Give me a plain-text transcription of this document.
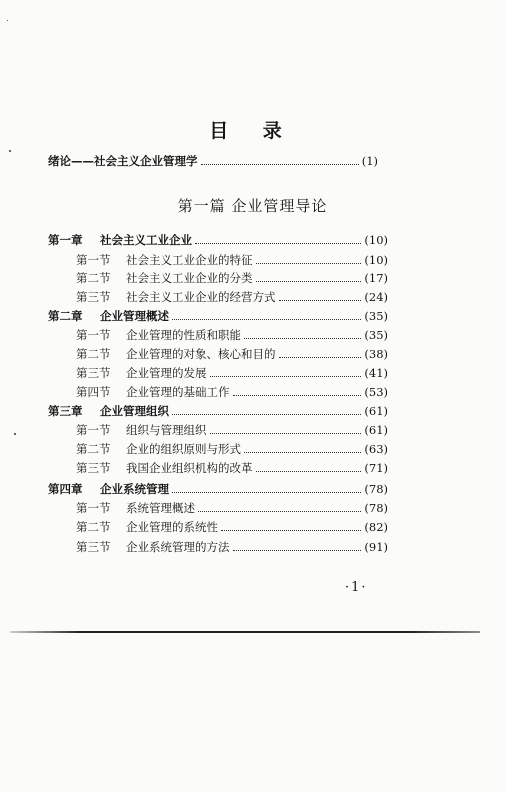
目 录
绪论—— 社会主义企业管理学	(1)
第一篇 企业管理导论
第一章	社会主义工业企业	(10)
第一节	社会主义工业企业的特征	(10)
第二节	社会主义工业企业的分类	(17)
第三节	社会主义工业企业的经营方式	(24)
第二章	企业管理概述	(35)
第一节	企业管理的性质和职能	(35)
第二节	企业管理的对象、核心和目的	(38)
第三节	企业管理的发展	(41)
第四节	企业管理的基础工作	(53)
第三章	企业管理组织	(61)
第一节	组织与管理组织	(61)
第二节	企业的组织原则与形式	(63)
第三节	我国企业组织机构的改革	(71)
第四章	企业系统管理	(78)
第一节	系统管理概述	(78)
第二节	企业管理的系统性	(82)
第三节	企业系统管理的方法	(91)
·1·
